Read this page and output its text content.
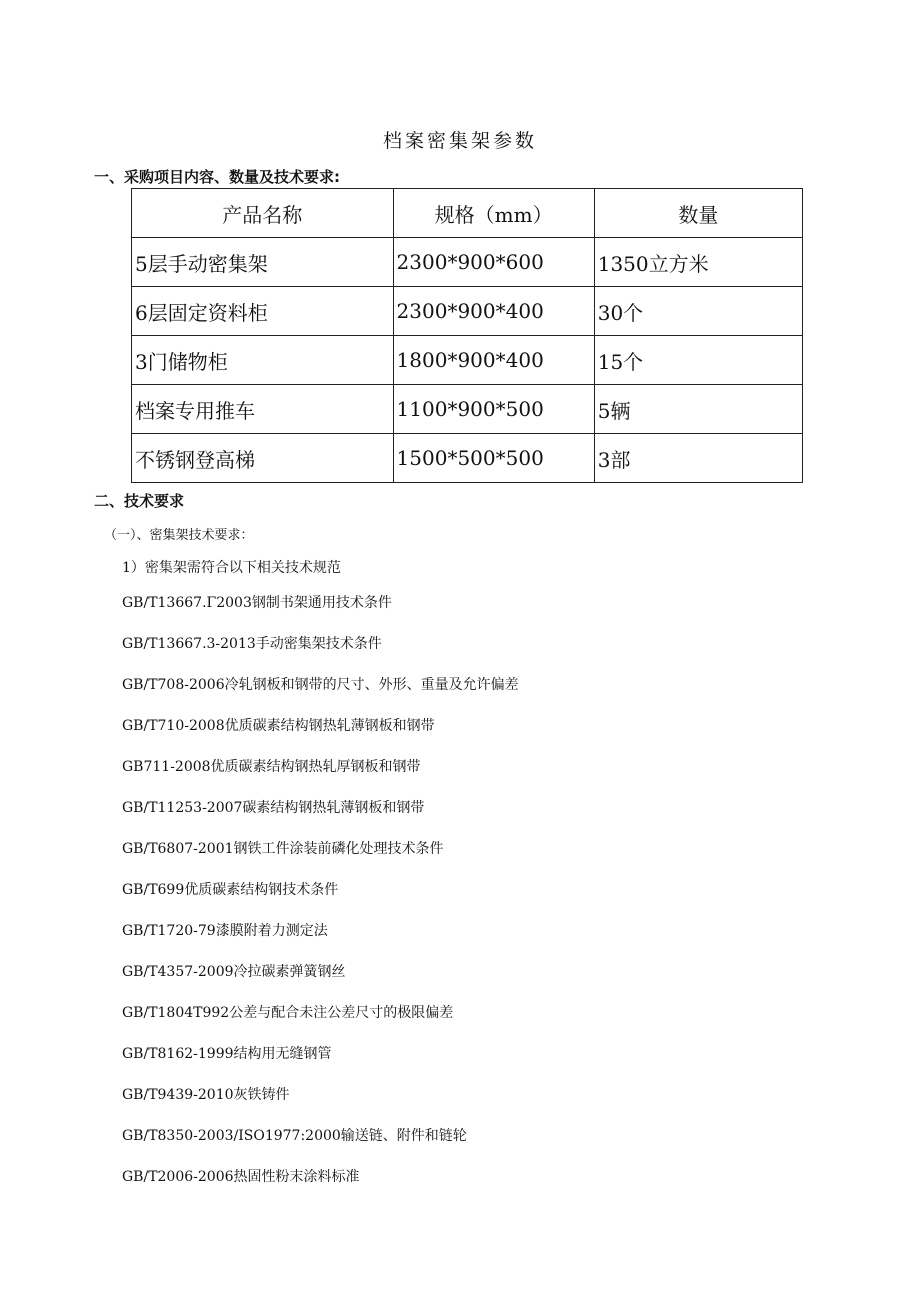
档案密集架参数
一、采购项目内容、数量及技术要求:
产品名称	规格（mm）	数量
5层手动密集架	2300*900*600	1350立方米
6层固定资料柜	2300*900*400	30个
3门储物柜	1800*900*400	15个
档案专用推车	1100*900*500	5辆
不锈钢登高梯	1500*500*500	3部
二、技术要求
（一）、密集架技术要求：
1）密集架需符合以下相关技术规范
GB/T13667.Γ2003钢制书架通用技术条件
GB/T13667.3-2013手动密集架技术条件
GB/T708-2006冷轧钢板和钢带的尺寸、外形、重量及允许偏差
GB/T710-2008优质碳素结构钢热轧薄钢板和钢带
GB711-2008优质碳素结构钢热轧厚钢板和钢带
GB/T11253-2007碳素结构钢热轧薄钢板和钢带
GB/T6807-2001钢铁工件涂装前磷化处理技术条件
GB/T699优质碳素结构钢技术条件
GB/T1720-79漆膜附着力测定法
GB/T4357-2009冷拉碳素弹簧钢丝
GB/T1804T992公差与配合未注公差尺寸的极限偏差
GB/T8162-1999结构用无缝钢管
GB/T9439-2010灰铁铸件
GB/T8350-2003/ISO1977:2000输送链、附件和链轮
GB/T2006-2006热固性粉末涂料标准
